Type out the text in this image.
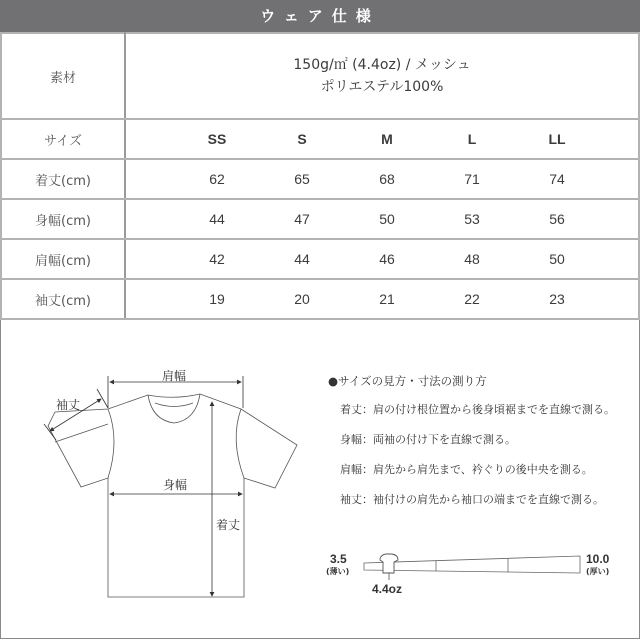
ウェア仕様
素材	150g/㎡ (4.4oz) / メッシュ
ポリエステル100%

サイズ	SS S M L LL

着丈(cm)	62 65 68 71 74

身幅(cm)	44 47 50 53 56

肩幅(cm)	42 44 46 48 50

袖丈(cm)	19 20 21 22 23
肩幅
袖丈
身幅
着丈
●サイズの見方・寸法の測り方
着丈：肩の付け根位置から後身頃裾までを直線で測る。
身幅：両袖の付け下を直線で測る。
肩幅：肩先から肩先まで、衿ぐりの後中央を測る。
袖丈：袖付けの肩先から袖口の端までを直線で測る。
3.5
(薄い)
4.4oz
10.0
(厚い)
